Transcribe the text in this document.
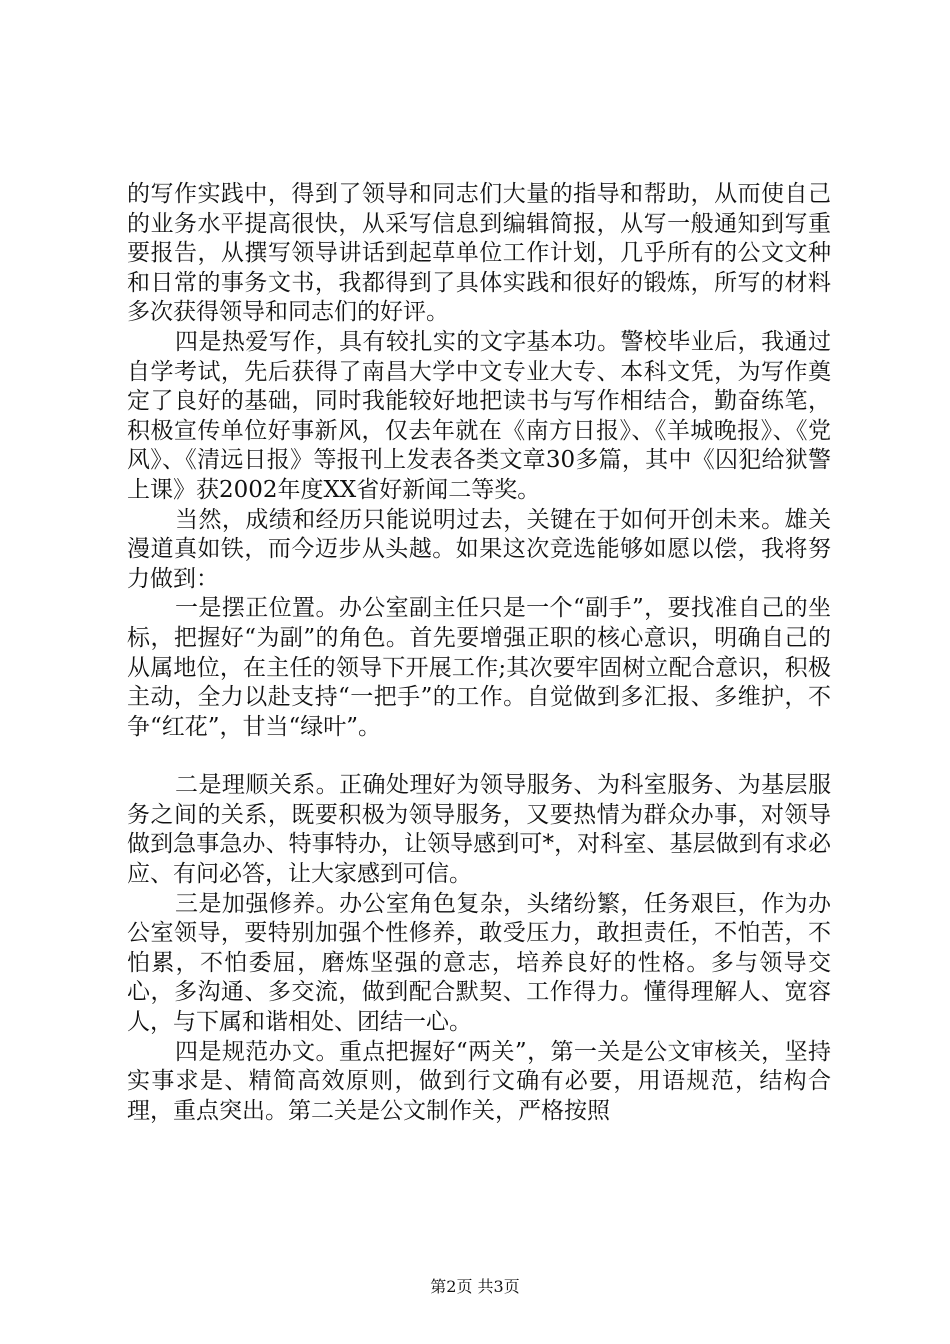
的写作实践中，得到了领导和同志们大量的指导和帮助，从而使自己的业务水平提高很快，从采写信息到编辑简报，从写一般通知到写重要报告，从撰写领导讲话到起草单位工作计划，几乎所有的公文文种和日常的事务文书，我都得到了具体实践和很好的锻炼，所写的材料多次获得领导和同志们的好评。

四是热爱写作，具有较扎实的文字基本功。警校毕业后，我通过自学考试，先后获得了南昌大学中文专业大专、本科文凭，为写作奠定了良好的基础，同时我能较好地把读书与写作相结合，勤奋练笔，积极宣传单位好事新风，仅去年就在《南方日报》、《羊城晚报》、《党风》、《清远日报》等报刊上发表各类文章30多篇，其中《囚犯给狱警上课》获2002年度XX省好新闻二等奖。

当然，成绩和经历只能说明过去，关键在于如何开创未来。雄关漫道真如铁，而今迈步从头越。如果这次竞选能够如愿以偿，我将努力做到：

一是摆正位置。办公室副主任只是一个“副手”，要找准自己的坐标，把握好“为副”的角色。首先要增强正职的核心意识，明确自己的从属地位，在主任的领导下开展工作;其次要牢固树立配合意识，积极主动，全力以赴支持“一把手”的工作。自觉做到多汇报、多维护，不争“红花”，甘当“绿叶”。

二是理顺关系。正确处理好为领导服务、为科室服务、为基层服务之间的关系，既要积极为领导服务，又要热情为群众办事，对领导做到急事急办、特事特办，让领导感到可*，对科室、基层做到有求必应、有问必答，让大家感到可信。

三是加强修养。办公室角色复杂，头绪纷繁，任务艰巨，作为办公室领导，要特别加强个性修养，敢受压力，敢担责任，不怕苦，不怕累，不怕委屈，磨炼坚强的意志，培养良好的性格。多与领导交心，多沟通、多交流，做到配合默契、工作得力。懂得理解人、宽容人，与下属和谐相处、团结一心。

四是规范办文。重点把握好“两关”，第一关是公文审核关，坚持实事求是、精简高效原则，做到行文确有必要，用语规范，结构合理，重点突出。第二关是公文制作关，严格按照

第2页 共3页
